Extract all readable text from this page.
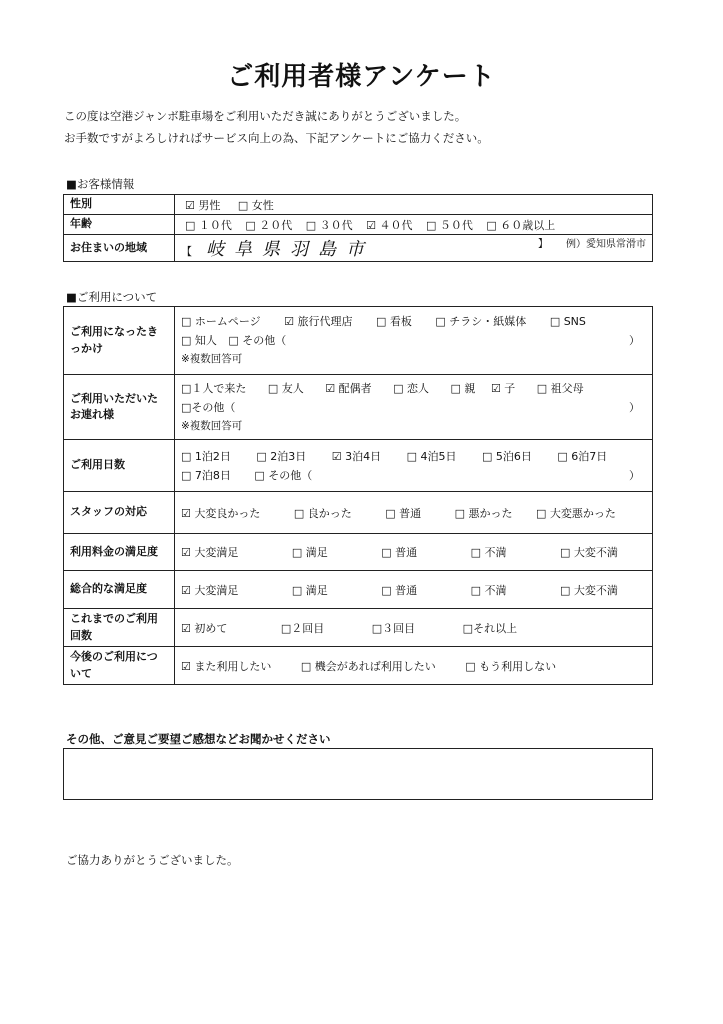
ご利用者様アンケート
この度は空港ジャンボ駐車場をご利用いただき誠にありがとうございました。
お手数ですがよろしければサービス向上の為、下記アンケートにご協力ください。
■お客様情報
性別	☑ 男性 □ 女性
年齢	□ １０代 □ ２０代 □ ３０代 ☑ ４０代 □ ５０代 □ ６０歳以上
お住まいの地域	【 岐阜県羽島市 例）愛知県常滑市
】
■ご利用について
ご利用になったきっかけ	□ ホームページ ☑ 旅行代理店 □ 看板 □ チラシ・紙媒体 □ SNS
□ 知人 □ その他（ ）
※複数回答可

ご利用いただいたお連れ様	□１人で来た □ 友人 ☑ 配偶者 □ 恋人 □ 親 ☑ 子 □ 祖父母
□その他（ ）
※複数回答可

ご利用日数	□ 1泊2日 □ 2泊3日 ☑ 3泊4日 □ 4泊5日 □ 5泊6日 □ 6泊7日
□ 7泊8日 □ その他（ ）

スタッフの対応	☑ 大変良かった □ 良かった □ 普通 □ 悪かった □ 大変悪かった
利用料金の満足度	☑ 大変満足 □ 満足 □ 普通 □ 不満 □ 大変不満
総合的な満足度	☑ 大変満足 □ 満足 □ 普通 □ 不満 □ 大変不満
これまでのご利用回数	☑ 初めて □２回目 □３回目 □それ以上
今後のご利用について	☑ また利用したい □ 機会があれば利用したい □ もう利用しない
その他、ご意見ご要望ご感想などお聞かせください
ご協力ありがとうございました。
